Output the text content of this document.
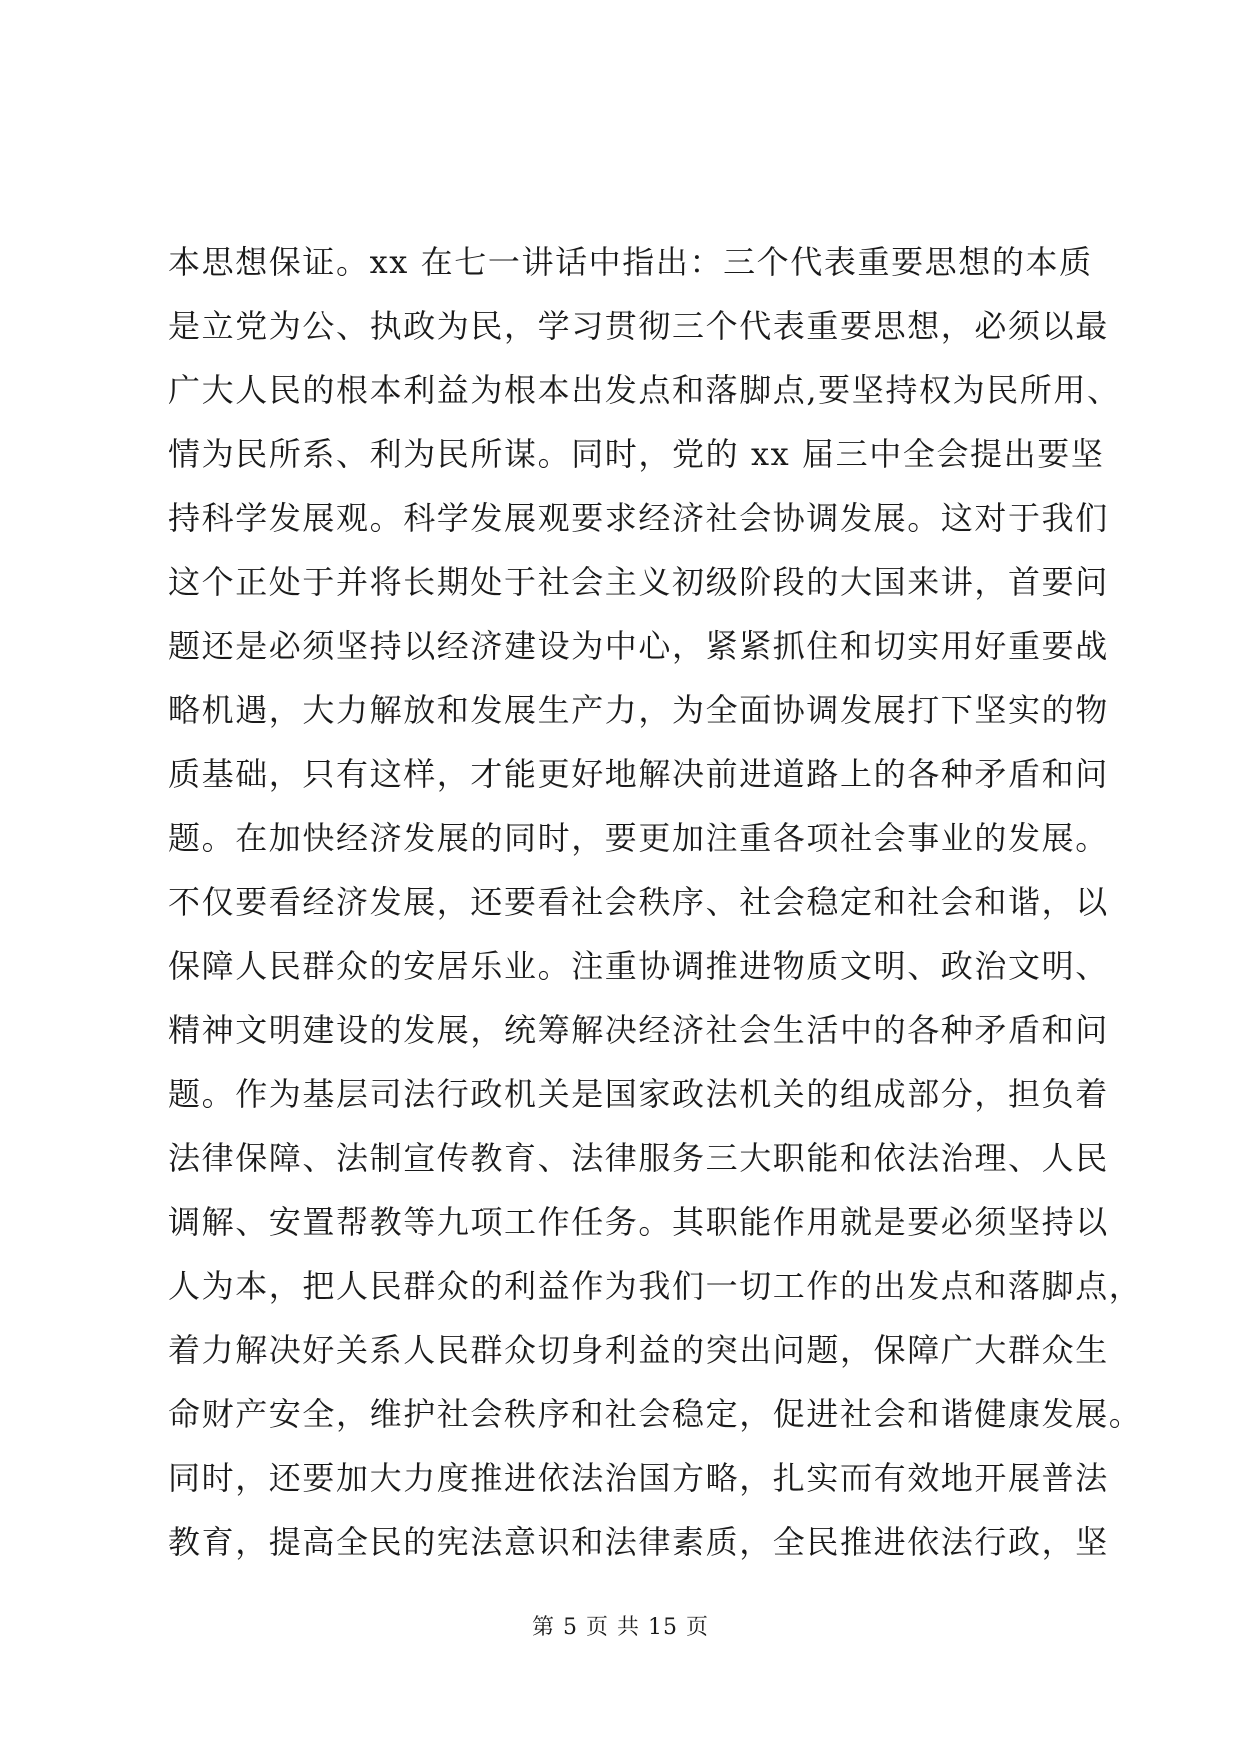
本思想保证。xx 在七一讲话中指出：三个代表重要思想的本质
是立党为公、执政为民，学习贯彻三个代表重要思想，必须以最
广大人民的根本利益为根本出发点和落脚点,要坚持权为民所用、
情为民所系、利为民所谋。同时，党的 xx 届三中全会提出要坚
持科学发展观。科学发展观要求经济社会协调发展。这对于我们
这个正处于并将长期处于社会主义初级阶段的大国来讲，首要问
题还是必须坚持以经济建设为中心，紧紧抓住和切实用好重要战
略机遇，大力解放和发展生产力，为全面协调发展打下坚实的物
质基础，只有这样，才能更好地解决前进道路上的各种矛盾和问
题。在加快经济发展的同时，要更加注重各项社会事业的发展。
不仅要看经济发展，还要看社会秩序、社会稳定和社会和谐，以
保障人民群众的安居乐业。注重协调推进物质文明、政治文明、
精神文明建设的发展，统筹解决经济社会生活中的各种矛盾和问
题。作为基层司法行政机关是国家政法机关的组成部分，担负着
法律保障、法制宣传教育、法律服务三大职能和依法治理、人民
调解、安置帮教等九项工作任务。其职能作用就是要必须坚持以
人为本，把人民群众的利益作为我们一切工作的出发点和落脚点，
着力解决好关系人民群众切身利益的突出问题，保障广大群众生
命财产安全，维护社会秩序和社会稳定，促进社会和谐健康发展。
同时，还要加大力度推进依法治国方略，扎实而有效地开展普法
教育，提高全民的宪法意识和法律素质，全民推进依法行政，坚
第 5 页 共 15 页
